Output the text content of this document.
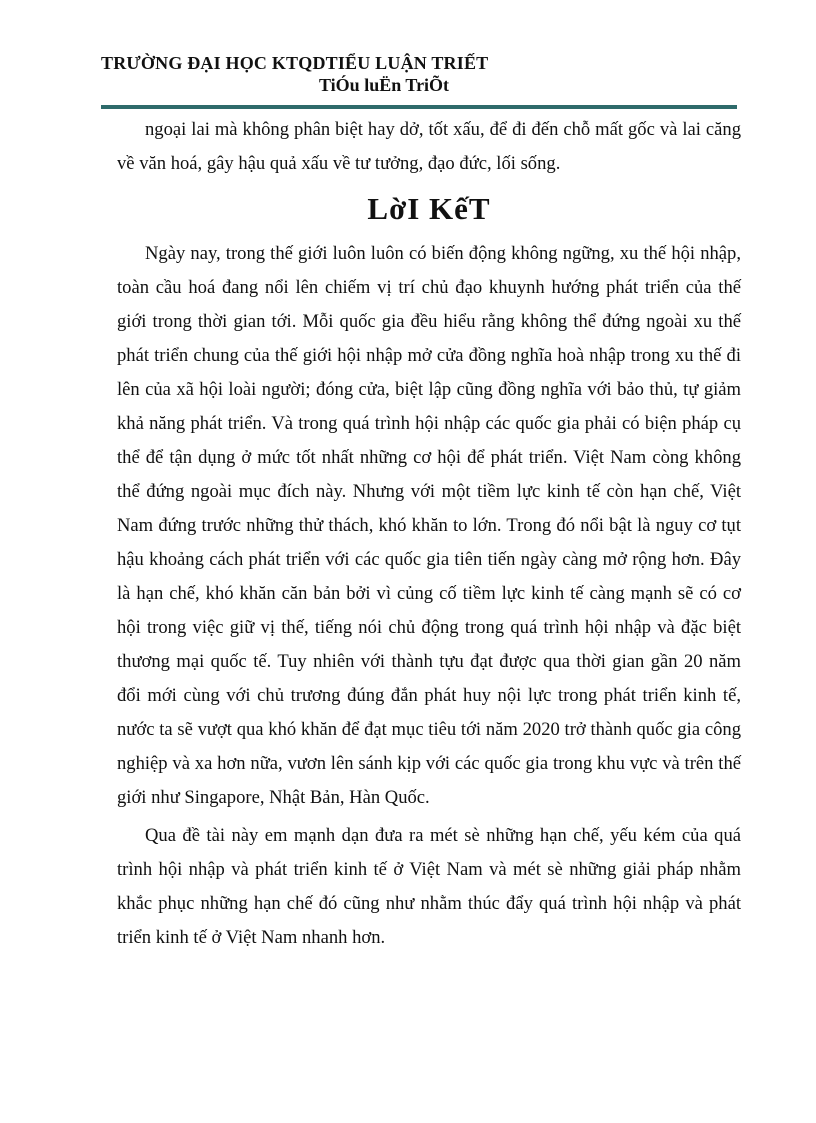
TRƯỜNG ĐẠI HỌC KTQDTIỂU LUẬN TRIẾT
TiÓu luËn TriÕt

ngoại lai mà không phân biệt hay dở, tốt xấu, để đi đến chỗ mất gốc và lai căng về văn hoá, gây hậu quả xấu về tư tưởng, đạo đức, lối sống.

LờI KếT

Ngày nay, trong thế giới luôn luôn có biến động không ngững, xu thế hội nhập, toàn cầu hoá đang nổi lên chiếm vị trí chủ đạo khuynh hướng phát triển của thế giới trong thời gian tới. Mỗi quốc gia đều hiểu rằng không thể đứng ngoài xu thế phát triển chung của thế giới hội nhập mở cửa đồng nghĩa hoà nhập trong xu thế đi lên của xã hội loài người; đóng cửa, biệt lập cũng đồng nghĩa với bảo thủ, tự giảm khả năng phát triển. Và trong quá trình hội nhập các quốc gia phải có biện pháp cụ thể để tận dụng ở mức tốt nhất những cơ hội để phát triển. Việt Nam còng không thể đứng ngoài mục đích này. Nhưng với một tiềm lực kinh tế còn hạn chế, Việt Nam đứng trước những thử thách, khó khăn to lớn. Trong đó nổi bật là nguy cơ tụt hậu khoảng cách phát triển với các quốc gia tiên tiến ngày càng mở rộng hơn. Đây là hạn chế, khó khăn căn bản bởi vì củng cố tiềm lực kinh tế càng mạnh sẽ có cơ hội trong việc giữ vị thế, tiếng nói chủ động trong quá trình hội nhập và đặc biệt thương mại quốc tế. Tuy nhiên với thành tựu đạt được qua thời gian gần 20 năm đổi mới cùng với chủ trương đúng đắn phát huy nội lực trong phát triển kinh tế, nước ta sẽ vượt qua khó khăn để đạt mục tiêu tới năm 2020 trở thành quốc gia công nghiệp và xa hơn nữa, vươn lên sánh kịp với các quốc gia trong khu vực và trên thế giới như Singapore, Nhật Bản, Hàn Quốc.

Qua đề tài này em mạnh dạn đưa ra mét sè những hạn chế, yếu kém của quá trình hội nhập và phát triển kinh tế ở Việt Nam và mét sè những giải pháp nhằm khắc phục những hạn chế đó cũng như nhằm thúc đẩy quá trình hội nhập và phát triển kinh tế ở Việt Nam nhanh hơn.
